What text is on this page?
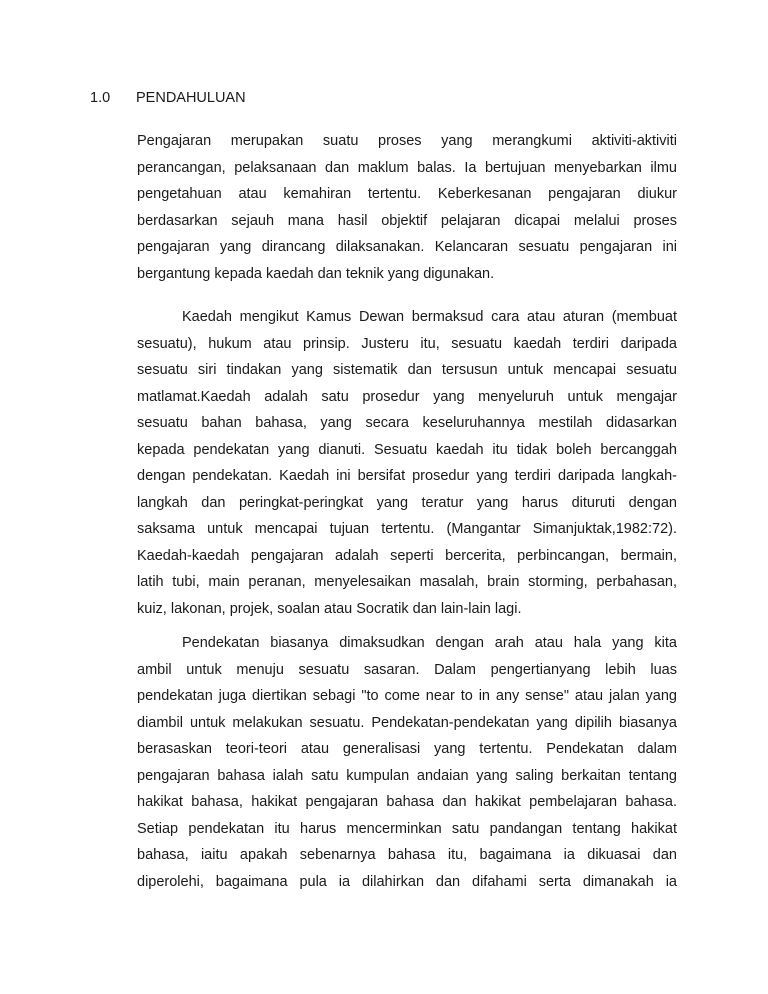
1.0	PENDAHULUAN
Pengajaran merupakan suatu proses yang merangkumi aktiviti-aktiviti
perancangan, pelaksanaan dan maklum balas. Ia bertujuan menyebarkan ilmu
pengetahuan atau kemahiran tertentu. Keberkesanan pengajaran diukur
berdasarkan sejauh mana hasil objektif pelajaran dicapai melalui proses
pengajaran yang dirancang dilaksanakan. Kelancaran sesuatu pengajaran ini
bergantung kepada kaedah dan teknik yang digunakan.
Kaedah mengikut Kamus Dewan bermaksud cara atau aturan (membuat
sesuatu), hukum atau prinsip. Justeru itu, sesuatu kaedah terdiri daripada
sesuatu siri tindakan yang sistematik dan tersusun untuk mencapai sesuatu
matlamat.Kaedah adalah satu prosedur yang menyeluruh untuk mengajar
sesuatu bahan bahasa, yang secara keseluruhannya mestilah didasarkan
kepada pendekatan yang dianuti. Sesuatu kaedah itu tidak boleh bercanggah
dengan pendekatan. Kaedah ini bersifat prosedur yang terdiri daripada langkah-
langkah dan peringkat-peringkat yang teratur yang harus dituruti dengan
saksama untuk mencapai tujuan tertentu. (Mangantar Simanjuktak,1982:72).
Kaedah-kaedah pengajaran adalah seperti bercerita, perbincangan, bermain,
latih tubi, main peranan, menyelesaikan masalah, brain storming, perbahasan,
kuiz, lakonan, projek, soalan atau Socratik dan lain-lain lagi.
Pendekatan biasanya dimaksudkan dengan arah atau hala yang kita
ambil untuk menuju sesuatu sasaran. Dalam pengertianyang lebih luas
pendekatan juga diertikan sebagi "to come near to in any sense" atau jalan yang
diambil untuk melakukan sesuatu. Pendekatan-pendekatan yang dipilih biasanya
berasaskan teori-teori atau generalisasi yang tertentu. Pendekatan dalam
pengajaran bahasa ialah satu kumpulan andaian yang saling berkaitan tentang
hakikat bahasa, hakikat pengajaran bahasa dan hakikat pembelajaran bahasa.
Setiap pendekatan itu harus mencerminkan satu pandangan tentang hakikat
bahasa, iaitu apakah sebenarnya bahasa itu, bagaimana ia dikuasai dan
diperolehi, bagaimana pula ia dilahirkan dan difahami serta dimanakah ia
